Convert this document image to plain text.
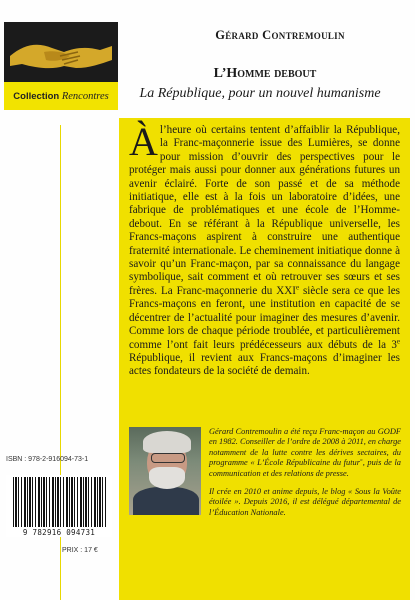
Collection Rencontres
Gérard Contremoulin
L’Homme debout
La République, pour un nouvel humanisme
À l’heure où certains tentent d’affaiblir la République, la Franc-maçonnerie issue des Lumières, se donne pour mission d’ouvrir des perspectives pour le protéger mais aussi pour donner aux générations futures un avenir éclairé. Forte de son passé et de sa méthode initiatique, elle est à la fois un laboratoire d’idées, une fabrique de problématiques et une école de l’Homme-debout. En se référant à la République universelle, les Francs-maçons aspirent à construire une authentique fraternité internationale. Le cheminement initiatique donne à savoir qu’un Franc-maçon, par sa connaissance du langage symbolique, sait comment et où retrouver ses sœurs et ses frères. La Franc-maçonnerie du XXIe siècle sera ce que les Francs-maçons en feront, une institution en capacité de se décentrer de l’actualité pour imaginer des mesures d’avenir. Comme lors de chaque période troublée, et particulièrement comme l’ont fait leurs prédécesseurs aux débuts de la 3e République, il revient aux Francs-maçons d’imaginer les actes fondateurs de la société de demain.

Gérard Contremoulin a été reçu Franc-maçon au GODF en 1982. Conseiller de l’ordre de 2008 à 2011, en charge notamment de la lutte contre les dérives sectaires, du programme « L’École Républicaine du futur», puis de la communication et des relations de presse.

Il crée en 2010 et anime depuis, le blog « Sous la Voûte étoilée ». Depuis 2016, il est délégué départemental de l’Éducation Nationale.

ISBN : 978-2-916094-73-1
9 782916 094731
PRIX : 17 €
